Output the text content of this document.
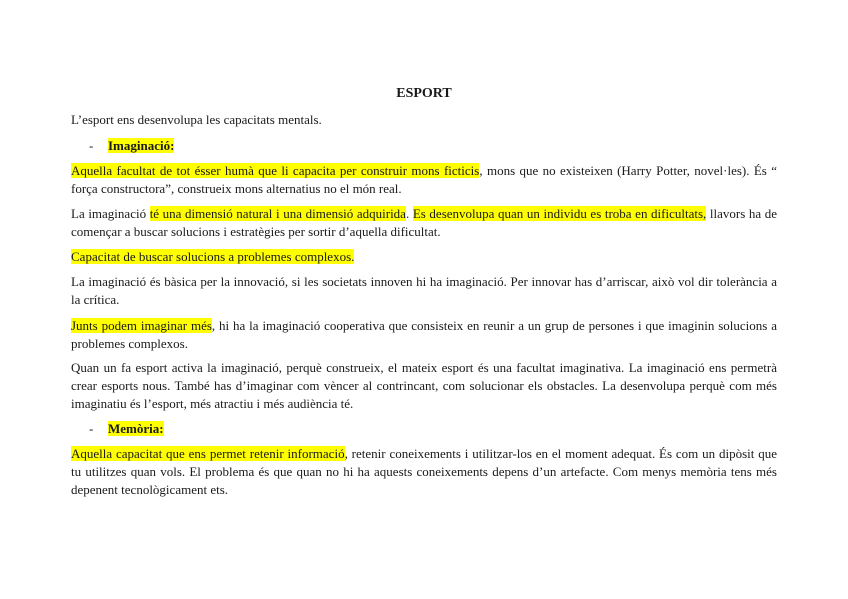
ESPORT
L’esport ens desenvolupa les capacitats mentals.
- Imaginació:
Aquella facultat de tot ésser humà que li capacita per construir mons ficticis, mons que no existeixen (Harry Potter, novel·les). És “ força constructora”, construeix mons alternatius no el món real.
La imaginació té una dimensió natural i una dimensió adquirida. Es desenvolupa quan un individu es troba en dificultats, llavors ha de començar a buscar solucions i estratègies per sortir d’aquella dificultat.
Capacitat de buscar solucions a problemes complexos.
La imaginació és bàsica per la innovació, si les societats innoven hi ha imaginació. Per innovar has d’arriscar, això vol dir tolerància a la crítica.
Junts podem imaginar més, hi ha la imaginació cooperativa que consisteix en reunir a un grup de persones i que imaginin solucions a problemes complexos.
Quan un fa esport activa la imaginació, perquè construeix, el mateix esport és una facultat imaginativa. La imaginació ens permetrà crear esports nous. També has d’imaginar com vèncer al contrincant, com solucionar els obstacles. La desenvolupa perquè com més imaginatiu és l’esport, més atractiu i més audiència té.
- Memòria:
Aquella capacitat que ens permet retenir informació, retenir coneixements i utilitzar-los en el moment adequat. És com un dipòsit que tu utilitzes quan vols. El problema és que quan no hi ha aquests coneixements depens d’un artefacte. Com menys memòria tens més depenent tecnològicament ets.
